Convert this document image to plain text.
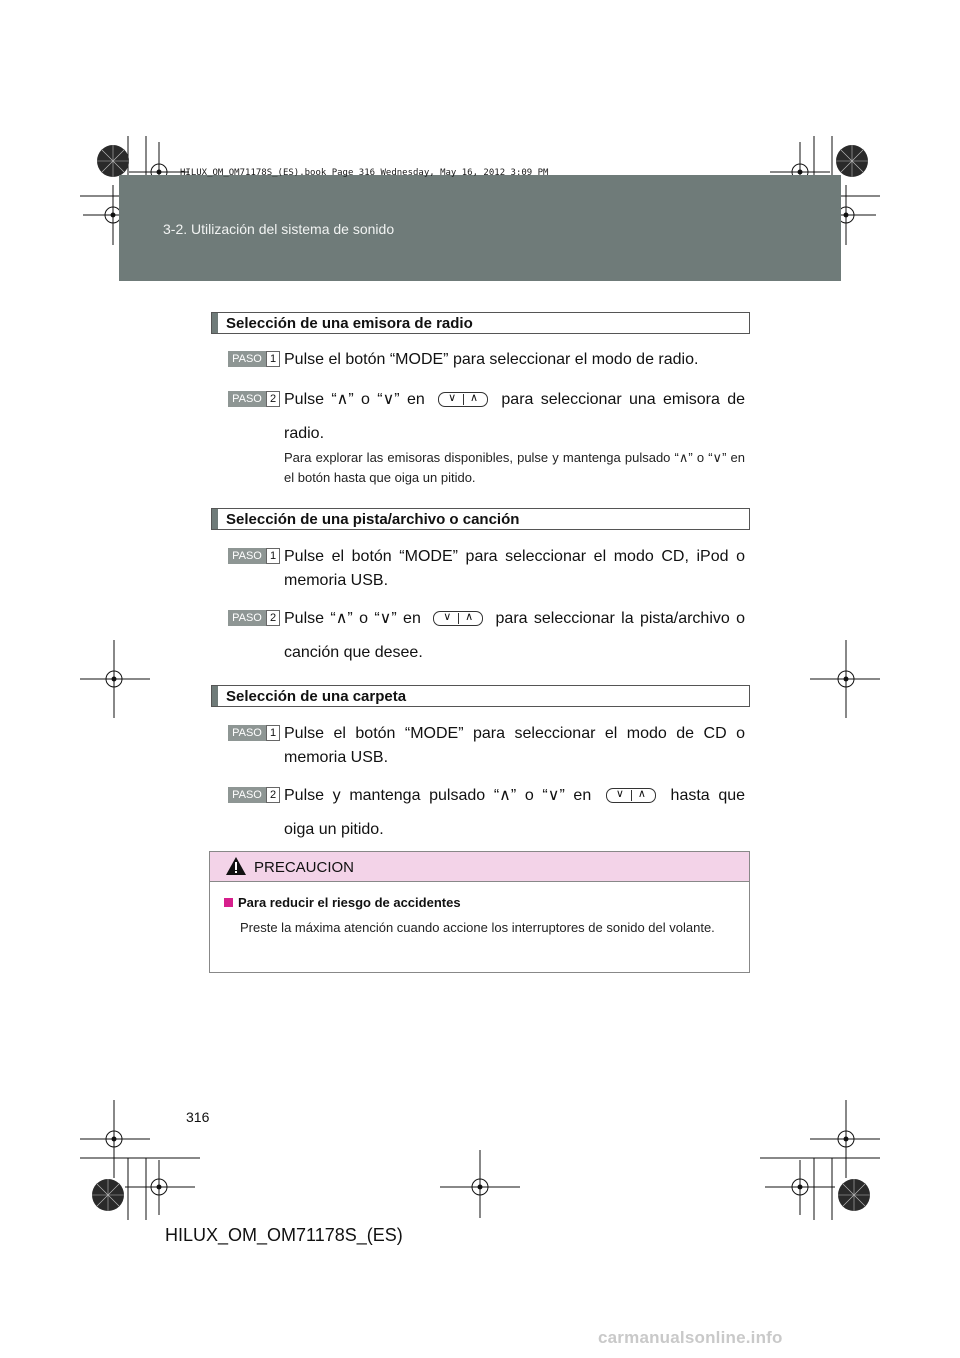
HILUX_OM_OM71178S_(ES).book Page 316 Wednesday, May 16, 2012 3:09 PM
3-2. Utilización del sistema de sonido
Selección de una emisora de radio
PASO 1 Pulse el botón “MODE” para seleccionar el modo de radio.
PASO 2 Pulse “∧” o “∨” en ∨ ∧ para seleccionar una emisora de
radio.
Para explorar las emisoras disponibles, pulse y mantenga pulsado “∧” o “∨” en el botón hasta que oiga un pitido.
Selección de una pista/archivo o canción
PASO 1 Pulse el botón “MODE” para seleccionar el modo CD, iPod o memoria USB.
PASO 2 Pulse “∧” o “∨” en ∨ ∧ para seleccionar la pista/archivo o
canción que desee.
Selección de una carpeta
PASO 1 Pulse el botón “MODE” para seleccionar el modo de CD o memoria USB.
PASO 2 Pulse y mantenga pulsado “∧” o “∨” en ∨ ∧ hasta que
oiga un pitido.
PRECAUCION
Para reducir el riesgo de accidentes
Preste la máxima atención cuando accione los interruptores de sonido del volante.
316
HILUX_OM_OM71178S_(ES)
carmanualsonline.info
